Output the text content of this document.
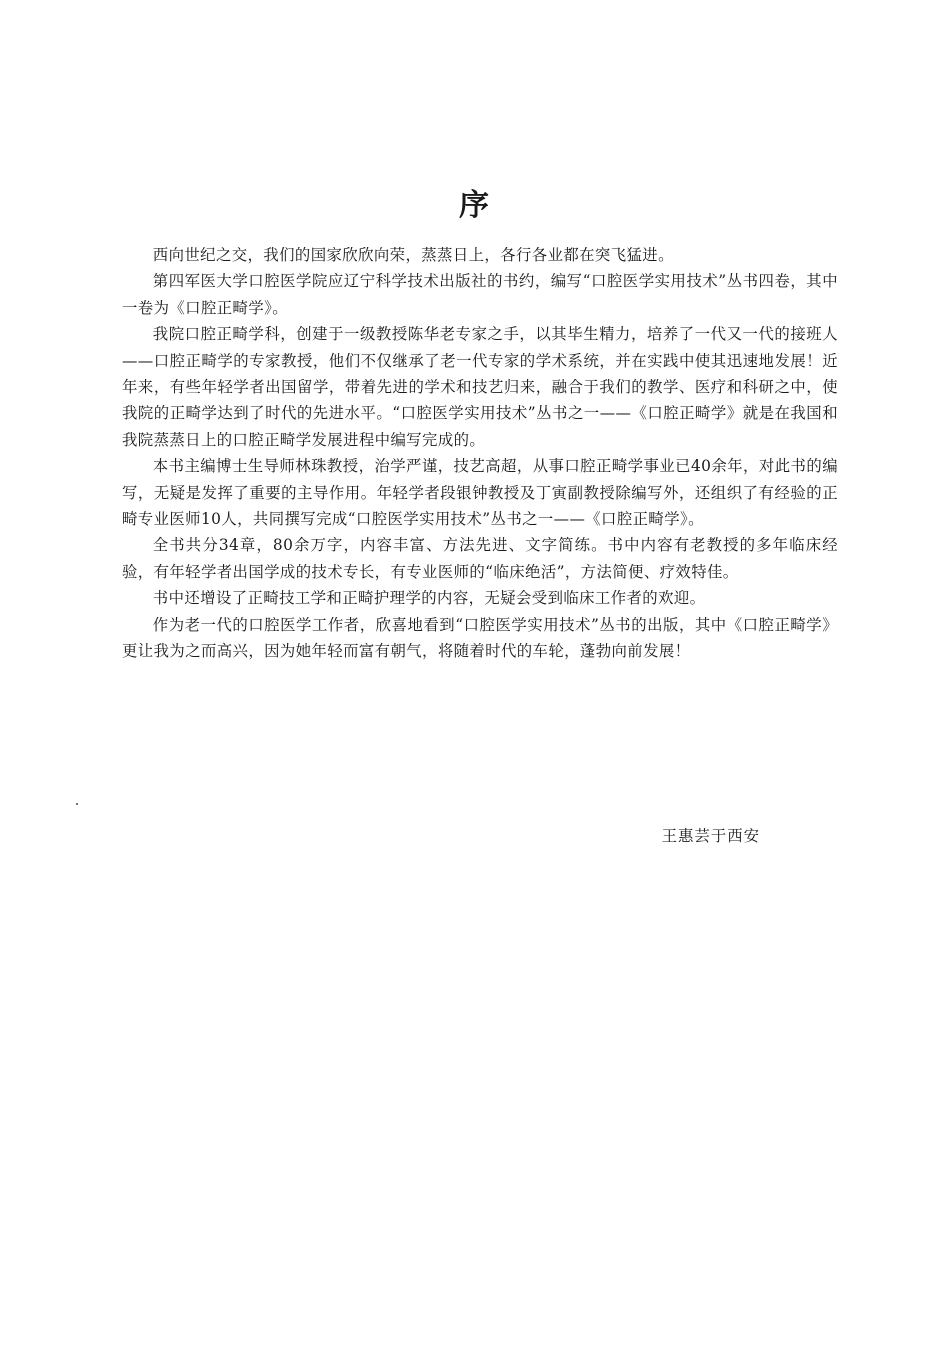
序

西向世纪之交，我们的国家欣欣向荣，蒸蒸日上，各行各业都在突飞猛进。

第四军医大学口腔医学院应辽宁科学技术出版社的书约，编写“口腔医学实用技术”丛书四卷，其中一卷为《口腔正畸学》。

我院口腔正畸学科，创建于一级教授陈华老专家之手，以其毕生精力，培养了一代又一代的接班人——口腔正畸学的专家教授，他们不仅继承了老一代专家的学术系统，并在实践中使其迅速地发展！近年来，有些年轻学者出国留学，带着先进的学术和技艺归来，融合于我们的教学、医疗和科研之中，使我院的正畸学达到了时代的先进水平。“口腔医学实用技术”丛书之一——《口腔正畸学》就是在我国和我院蒸蒸日上的口腔正畸学发展进程中编写完成的。

本书主编博士生导师林珠教授，治学严谨，技艺高超，从事口腔正畸学事业已40余年，对此书的编写，无疑是发挥了重要的主导作用。年轻学者段银钟教授及丁寅副教授除编写外，还组织了有经验的正畸专业医师10人，共同撰写完成“口腔医学实用技术”丛书之一——《口腔正畸学》。

全书共分34章，80余万字，内容丰富、方法先进、文字简练。书中内容有老教授的多年临床经验，有年轻学者出国学成的技术专长，有专业医师的“临床绝活”，方法简便、疗效特佳。

书中还增设了正畸技工学和正畸护理学的内容，无疑会受到临床工作者的欢迎。

作为老一代的口腔医学工作者，欣喜地看到“口腔医学实用技术”丛书的出版，其中《口腔正畸学》更让我为之而高兴，因为她年轻而富有朝气，将随着时代的车轮，蓬勃向前发展！

王惠芸于西安
